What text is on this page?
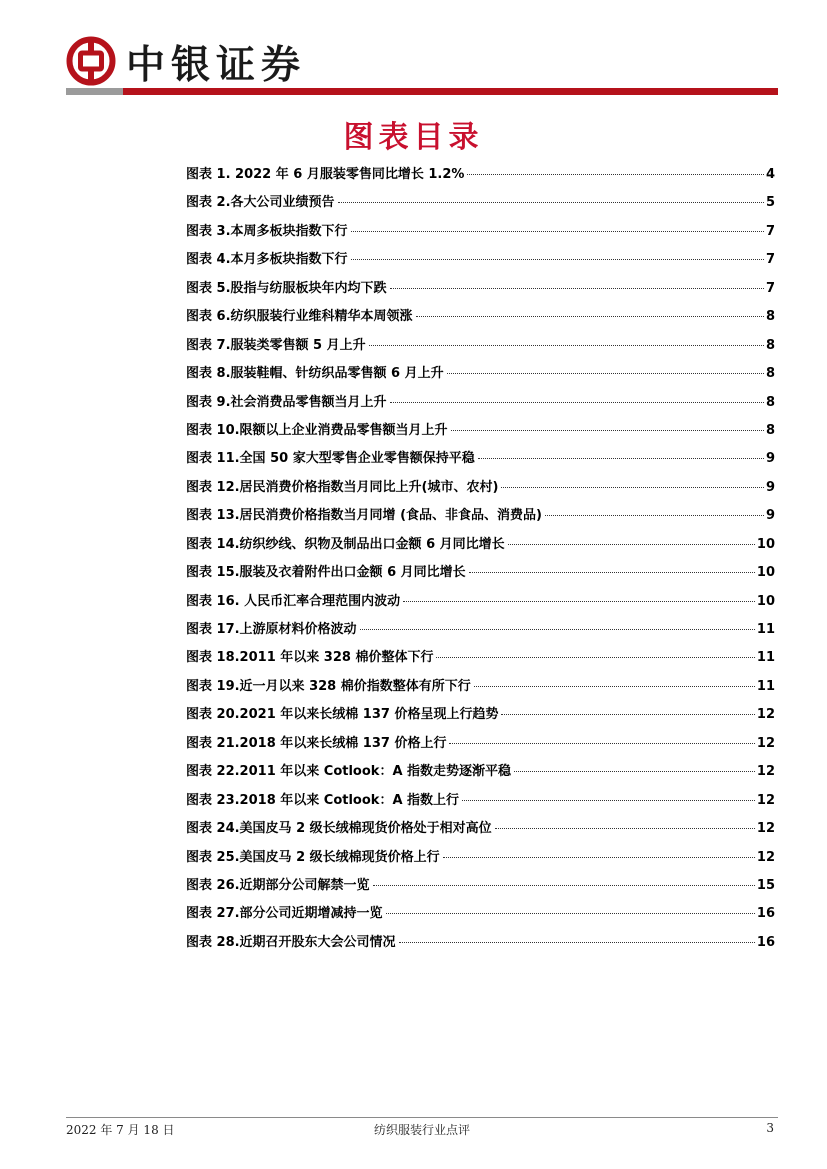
中银证券
图表目录
图表 1. 2022 年 6 月服装零售同比增长 1.2%	4
图表 2.各大公司业绩预告	5
图表 3.本周多板块指数下行	7
图表 4.本月多板块指数下行	7
图表 5.股指与纺服板块年内均下跌	7
图表 6.纺织服装行业维科精华本周领涨	8
图表 7.服装类零售额 5 月上升	8
图表 8.服装鞋帽、针纺织品零售额 6 月上升	8
图表 9.社会消费品零售额当月上升	8
图表 10.限额以上企业消费品零售额当月上升	8
图表 11.全国 50 家大型零售企业零售额保持平稳	9
图表 12.居民消费价格指数当月同比上升(城市、农村)	9
图表 13.居民消费价格指数当月同增 (食品、非食品、消费品)	9
图表 14.纺织纱线、织物及制品出口金额 6 月同比增长	10
图表 15.服装及衣着附件出口金额 6 月同比增长	10
图表 16. 人民币汇率合理范围内波动	10
图表 17.上游原材料价格波动	11
图表 18.2011 年以来 328 棉价整体下行	11
图表 19.近一月以来 328 棉价指数整体有所下行	11
图表 20.2021 年以来长绒棉 137 价格呈现上行趋势	12
图表 21.2018 年以来长绒棉 137 价格上行	12
图表 22.2011 年以来 Cotlook：A 指数走势逐渐平稳	12
图表 23.2018 年以来 Cotlook：A 指数上行	12
图表 24.美国皮马 2 级长绒棉现货价格处于相对高位	12
图表 25.美国皮马 2 级长绒棉现货价格上行	12
图表 26.近期部分公司解禁一览	15
图表 27.部分公司近期增减持一览	16
图表 28.近期召开股东大会公司情况	16
2022 年 7 月 18 日	纺织服装行业点评	3
